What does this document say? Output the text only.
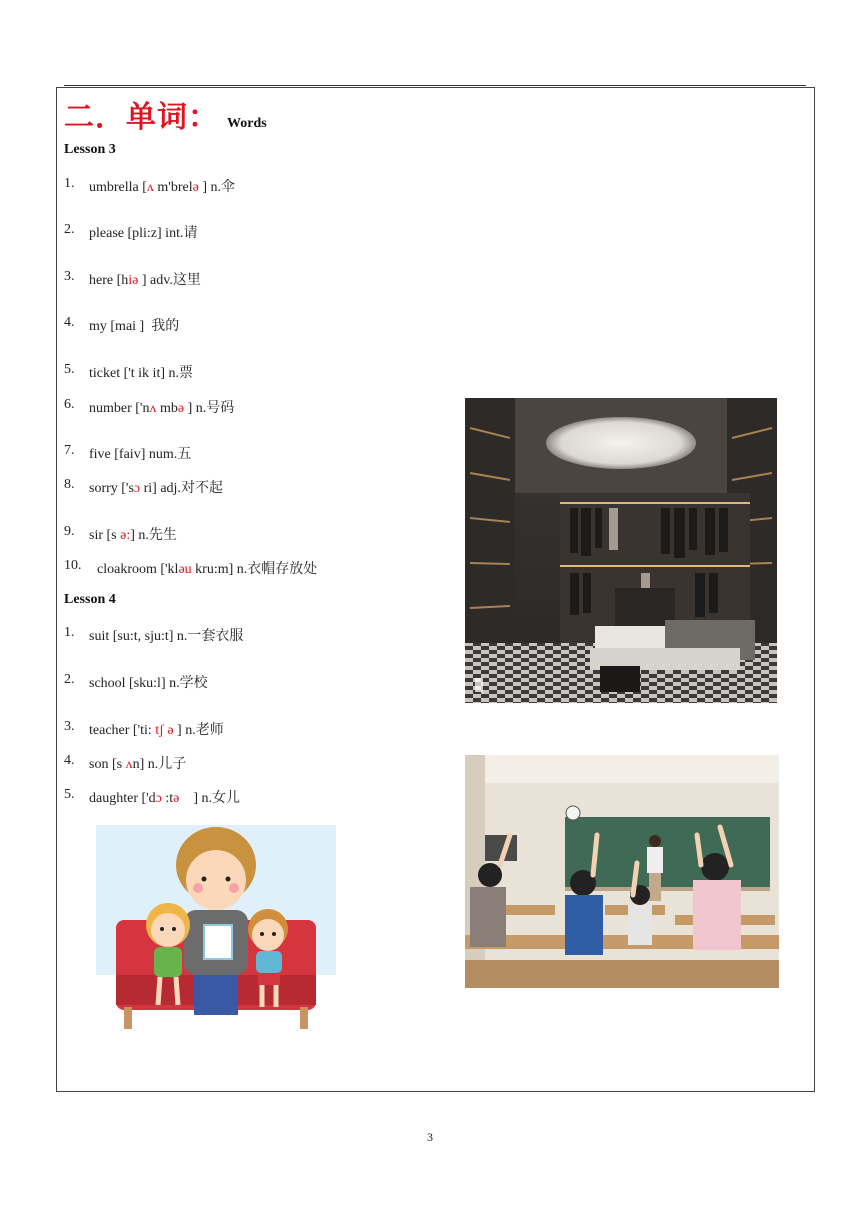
二．单词： Words
Lesson 3
1.	umbrella [ʌ m'brelə ] n.伞
2.	please [pli:z] int.请
3.	here [hiə ] adv.这里
4.	my [mai ]  我的
5.	ticket ['t ik it] n.票
6.	number ['nʌ mbə ] n.号码
7.	five [faiv] num.五
8.	sorry ['sɔ ri] adj.对不起
9.	sir [s ə:] n.先生
10.	cloakroom ['kləu kru:m] n.衣帽存放处
Lesson 4
1.	suit [su:t, sju:t] n.一套衣服
2.	school [sku:l] n.学校
3.	teacher ['ti: tʃ ə ] n.老师
4.	son [s ʌn] n.儿子
5.	daughter ['dɔ :tə    ] n.女儿
3
